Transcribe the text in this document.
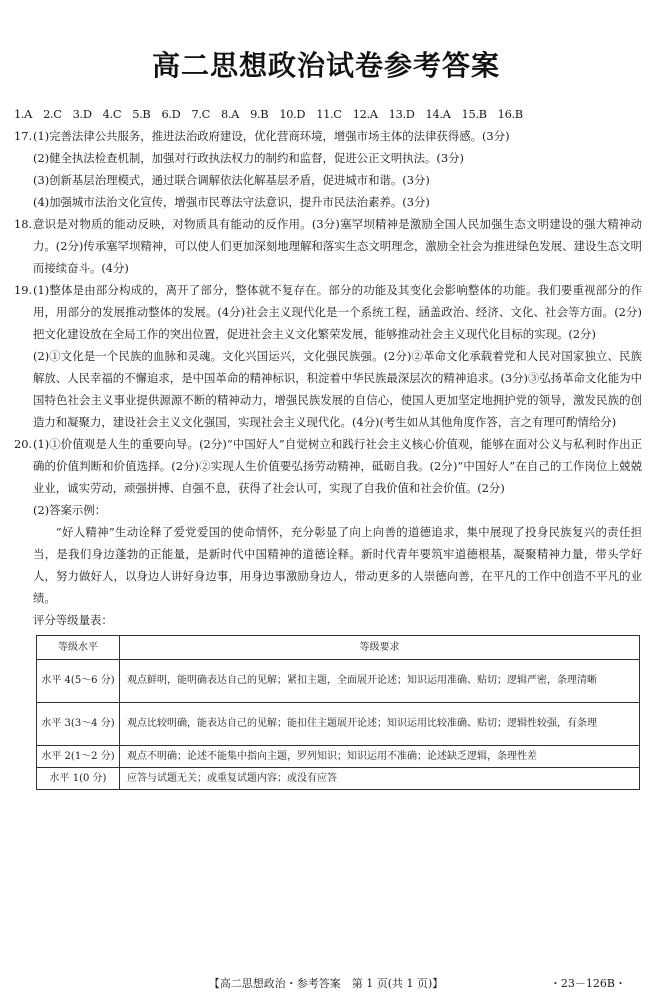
高二思想政治试卷参考答案
1.A　2.C　3.D　4.C　5.B　6.D　7.C　8.A　9.B　10.D　11.C　12.A　13.D　14.A　15.B　16.B
17. (1)完善法律公共服务，推进法治政府建设，优化营商环境，增强市场主体的法律获得感。(3分)
(2)健全执法检查机制，加强对行政执法权力的制约和监督，促进公正文明执法。(3分)
(3)创新基层治理模式，通过联合调解依法化解基层矛盾，促进城市和谐。(3分)
(4)加强城市法治文化宣传，增强市民尊法守法意识，提升市民法治素养。(3分)
18. 意识是对物质的能动反映，对物质具有能动的反作用。(3分)塞罕坝精神是激励全国人民加强生态文明建设的强大精神动力。(2分)传承塞罕坝精神，可以使人们更加深刻地理解和落实生态文明理念，激励全社会为推进绿色发展、建设生态文明而接续奋斗。(4分)
19. (1)整体是由部分构成的，离开了部分，整体就不复存在。部分的功能及其变化会影响整体的功能。我们要重视部分的作用，用部分的发展推动整体的发展。(4分)社会主义现代化是一个系统工程，涵盖政治、经济、文化、社会等方面。(2分)把文化建设放在全局工作的突出位置，促进社会主义文化繁荣发展，能够推动社会主义现代化目标的实现。(2分)
(2)①文化是一个民族的血脉和灵魂。文化兴国运兴，文化强民族强。(2分)②革命文化承载着党和人民对国家独立、民族解放、人民幸福的不懈追求，是中国革命的精神标识，积淀着中华民族最深层次的精神追求。(3分)③弘扬革命文化能为中国特色社会主义事业提供源源不断的精神动力，增强民族发展的自信心，使国人更加坚定地拥护党的领导，激发民族的创造力和凝聚力，建设社会主义文化强国，实现社会主义现代化。(4分)(考生如从其他角度作答，言之有理可酌情给分)
20. (1)①价值观是人生的重要向导。(2分)“中国好人”自觉树立和践行社会主义核心价值观，能够在面对公义与私利时作出正确的价值判断和价值选择。(2分)②实现人生价值要弘扬劳动精神，砥砺自我。(2分)“中国好人”在自己的工作岗位上兢兢业业，诚实劳动，顽强拼搏、自强不息，获得了社会认可，实现了自我价值和社会价值。(2分)
(2)答案示例：
“好人精神”生动诠释了爱党爱国的使命情怀，充分彰显了向上向善的道德追求，集中展现了投身民族复兴的责任担当，是我们身边蓬勃的正能量，是新时代中国精神的道德诠释。新时代青年要筑牢道德根基，凝聚精神力量，带头学好人，努力做好人，以身边人讲好身边事，用身边事激励身边人，带动更多的人崇德向善，在平凡的工作中创造不平凡的业绩。
评分等级量表：
等级水平	等级要求
水平 4(5～6 分)	观点鲜明，能明确表达自己的见解；紧扣主题，全面展开论述；知识运用准确、贴切；逻辑严密，条理清晰
水平 3(3～4 分)	观点比较明确，能表达自己的见解；能扣住主题展开论述；知识运用比较准确、贴切；逻辑性较强，有条理
水平 2(1～2 分)	观点不明确；论述不能集中指向主题，罗列知识；知识运用不准确；论述缺乏逻辑，条理性差
水平 1(0 分)	应答与试题无关；或重复试题内容；或没有应答
【高二思想政治・参考答案　第 1 页(共 1 页)】	・23－126B・
